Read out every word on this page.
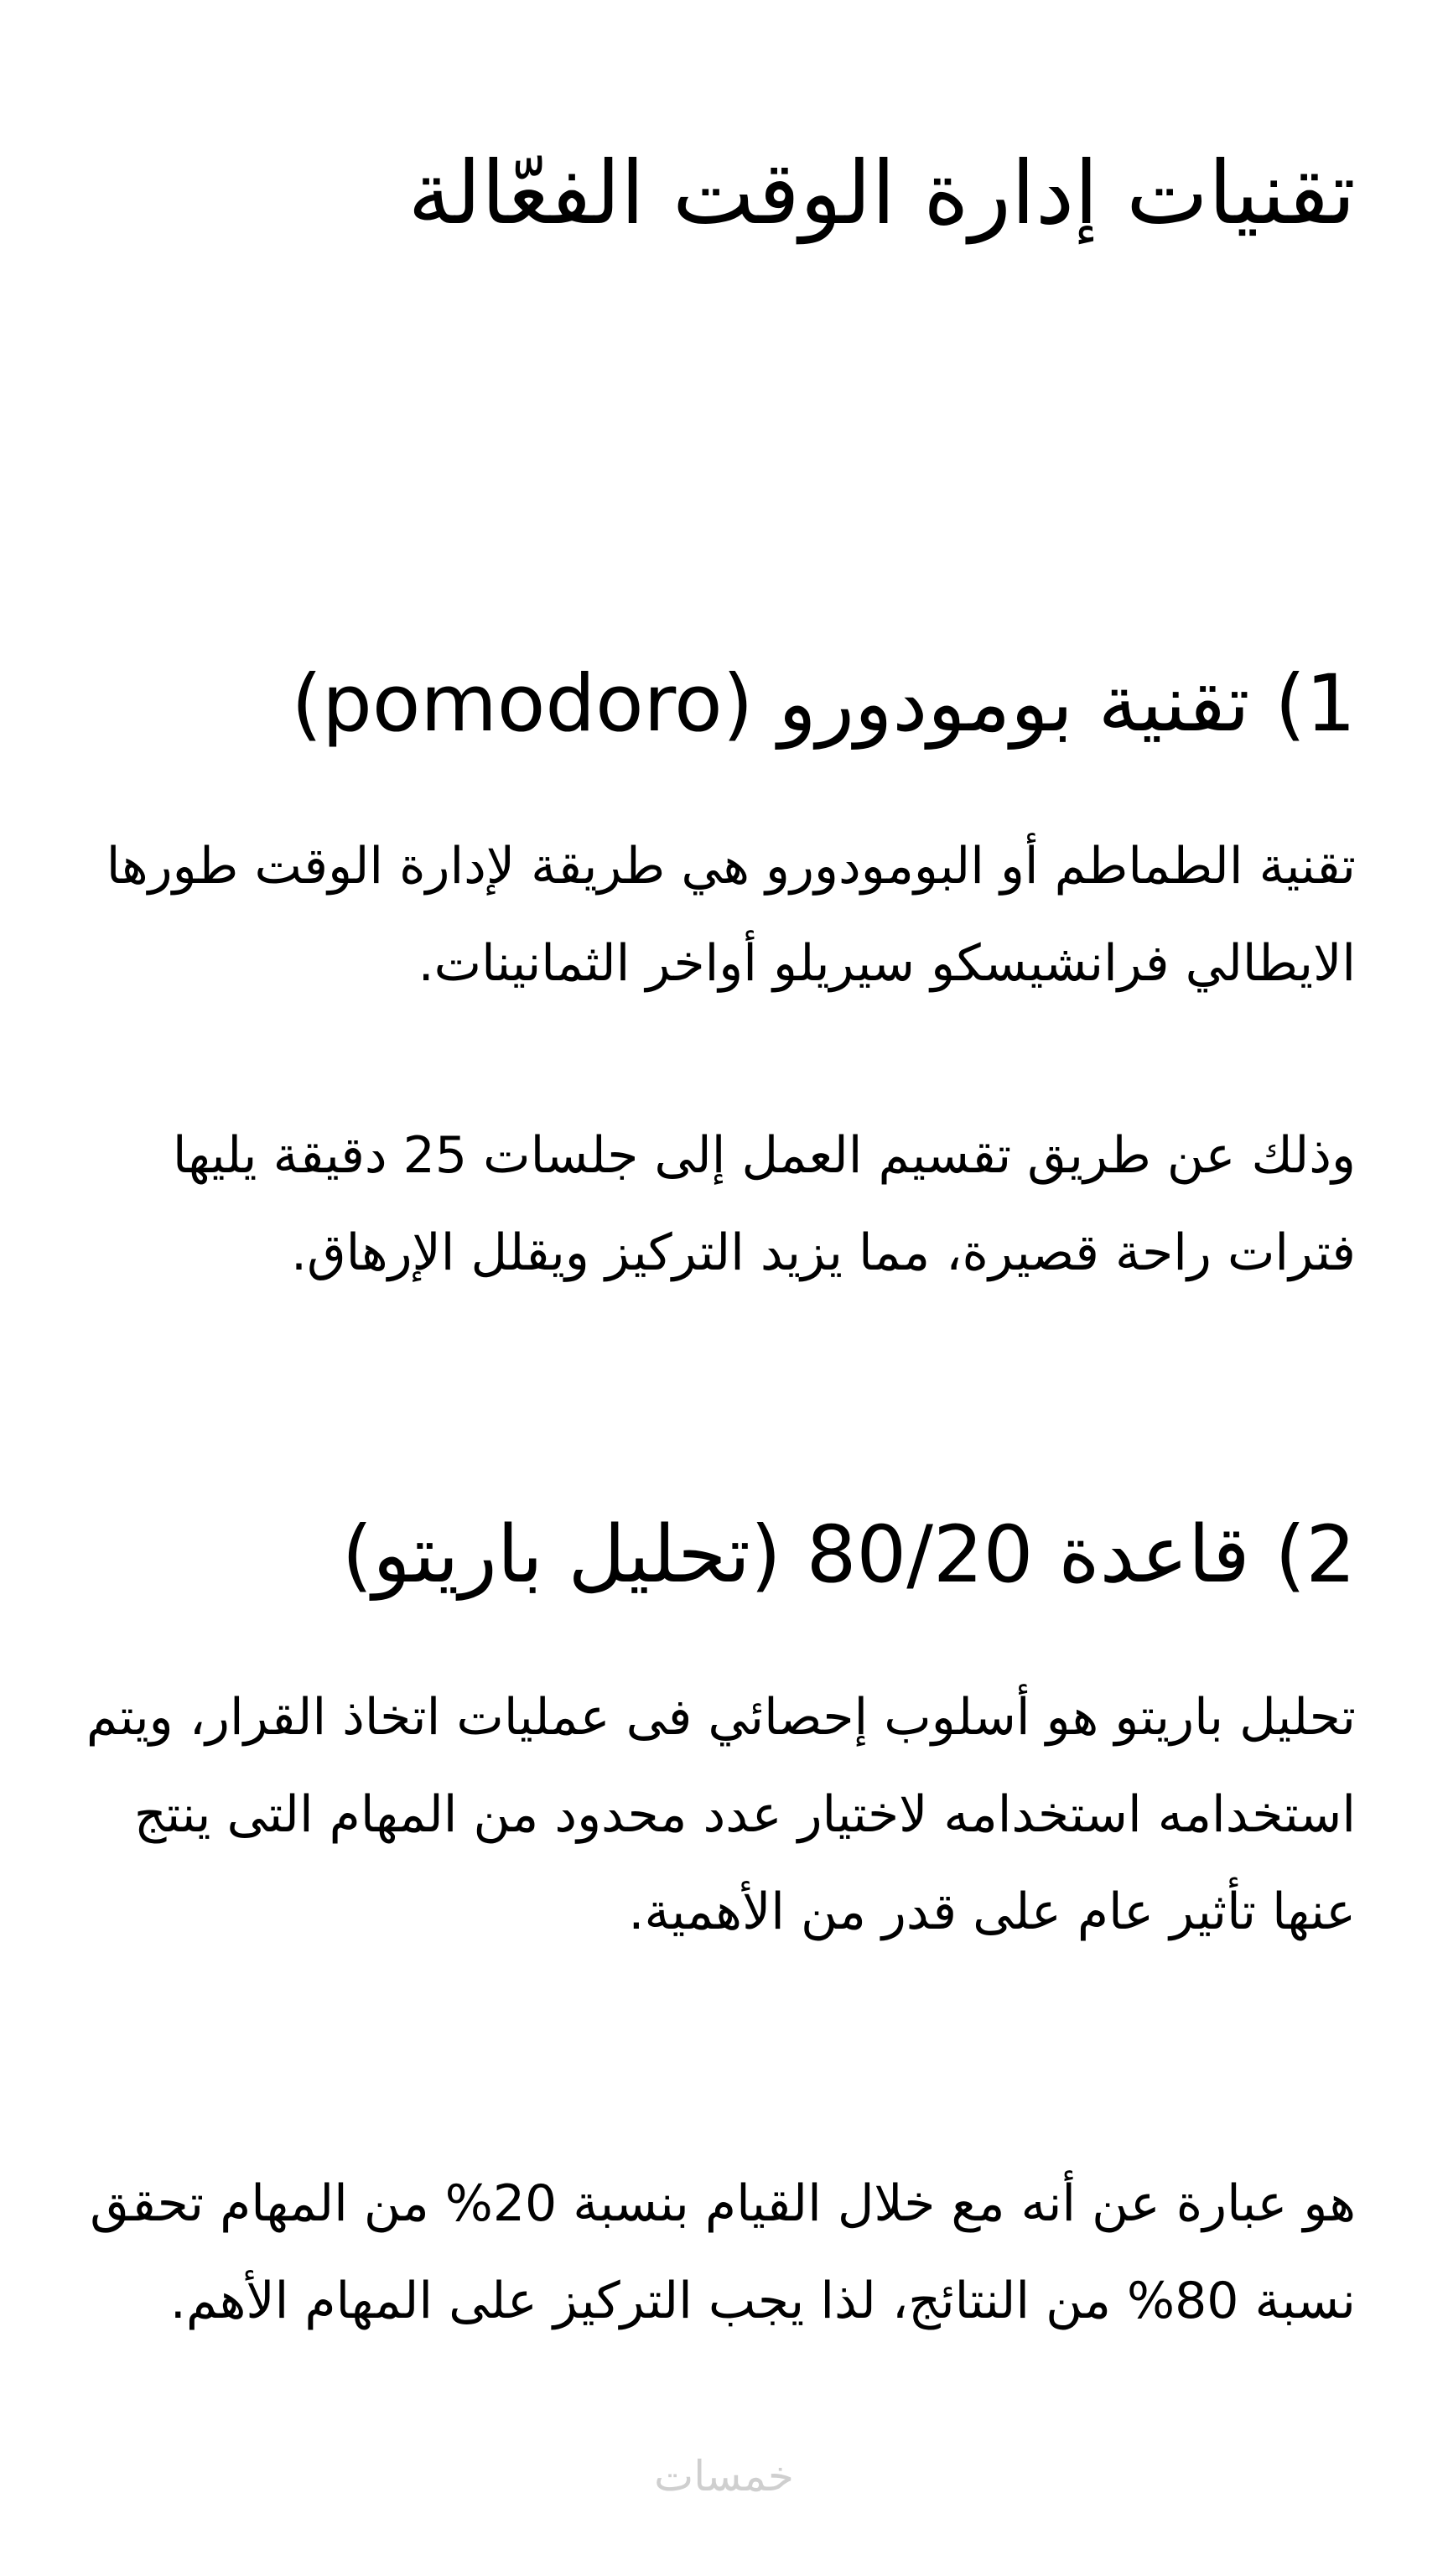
تقنيات إدارة الوقت الفعّالة
1) تقنية بومودورو (pomodoro)

تقنية الطماطم أو البومودورو هي طريقة لإدارة الوقت طورها الايطالي فرانشيسكو سيريلو أواخر الثمانينات.

وذلك عن طريق تقسيم العمل إلى جلسات 25 دقيقة يليها فترات راحة قصيرة، مما يزيد التركيز ويقلل الإرهاق.

2) قاعدة 80/20 (تحليل باريتو)

تحليل باريتو هو أسلوب إحصائي فى عمليات اتخاذ القرار، ويتم استخدامه استخدامه لاختيار عدد محدود من المهام التى ينتج عنها تأثير عام على قدر من الأهمية.

هو عبارة عن أنه مع خلال القيام بنسبة 20% من المهام تحقق نسبة 80% من النتائج، لذا يجب التركيز على المهام الأهم.

خمسات
